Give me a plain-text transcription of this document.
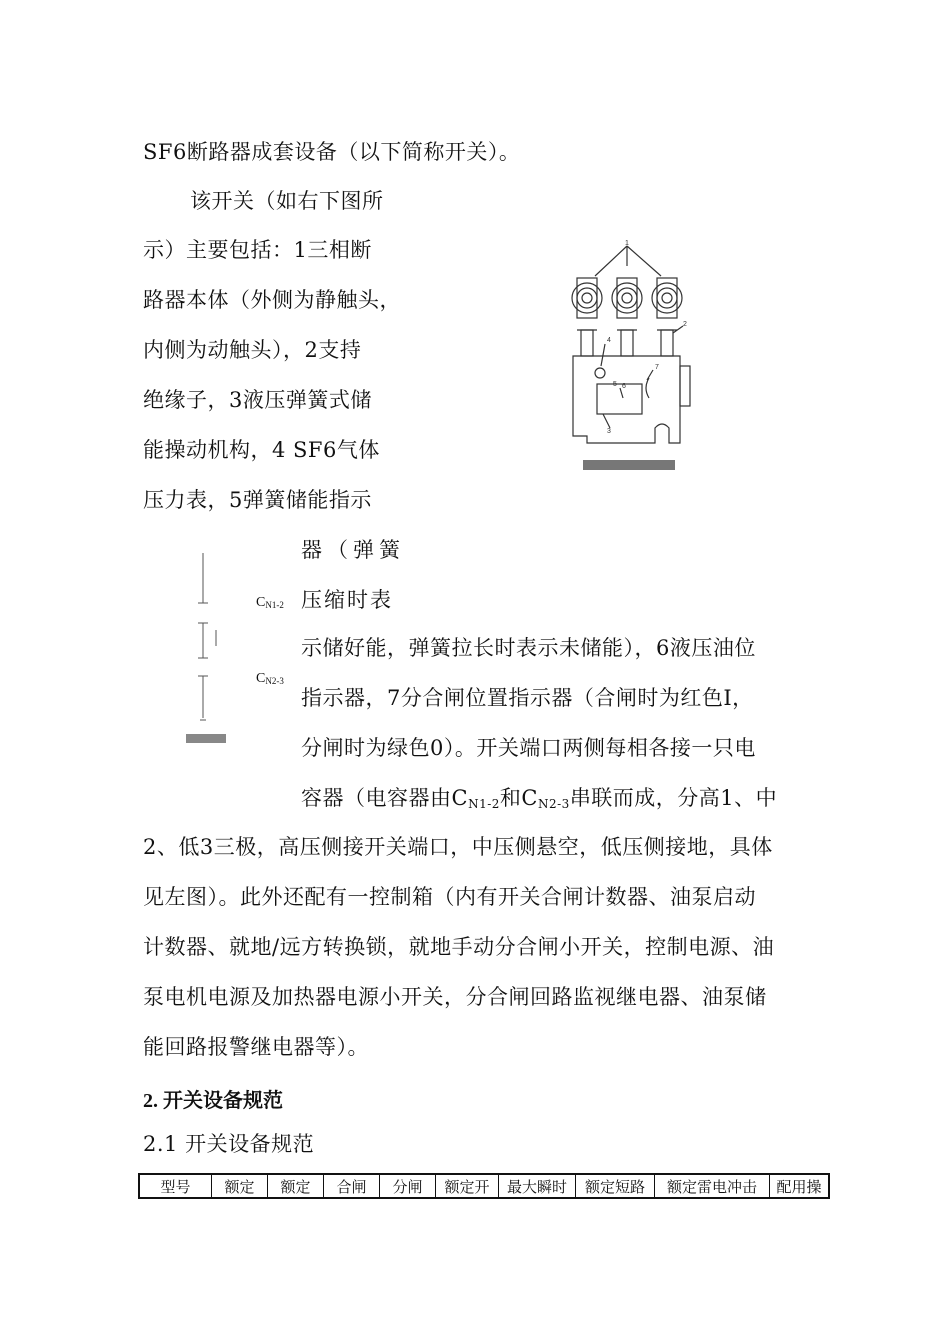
SF6断路器成套设备（以下简称开关）。
该开关（如右下图所
示）主要包括：1三相断
路器本体（外侧为静触头，
内侧为动触头），2支持
绝缘子，3液压弹簧式储
能操动机构，4 SF6气体
压力表，5弹簧储能指示
器（弹簧
压缩时表
示储好能，弹簧拉长时表示未储能），6液压油位
指示器，7分合闸位置指示器（合闸时为红色Ⅰ，
分闸时为绿色0）。开关端口两侧每相各接一只电
容器（电容器由$C_{N1-2}$和$C_{N2-3}$串联而成，分高1、中
2、低3三极，高压侧接开关端口，中压侧悬空，低压侧接地，具体
见左图）。此外还配有一控制箱（内有开关合闸计数器、油泵启动
计数器、就地/远方转换锁，就地手动分合闸小开关，控制电源、油
泵电机电源及加热器电源小开关，分合闸回路监视继电器、油泵储
能回路报警继电器等）。
1
2
4
5 6
7
3
CN1-2
CN2-3
2. 开关设备规范
2.1 开关设备规范
型号	额定	额定	合闸	分闸	额定开	最大瞬时	额定短路	额定雷电冲击	配用操
